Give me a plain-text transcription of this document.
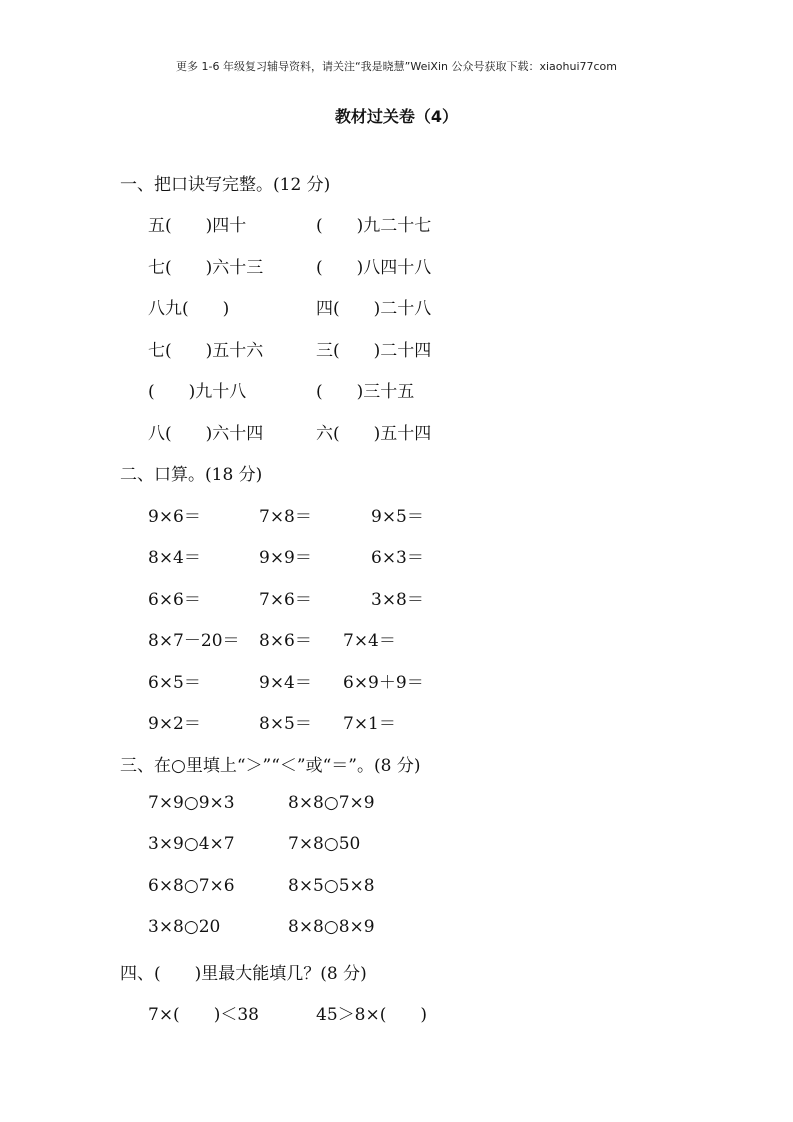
更多 1-6 年级复习辅导资料，请关注“我是晓慧”WeiXin 公众号获取下载：xiaohui77com
教材过关卷（4）
一、把口诀写完整。(12 分)
五(　　)四十	(　　)九二十七
七(　　)六十三	(　　)八四十八
八九(　　)	四(　　)二十八
七(　　)五十六	三(　　)二十四
(　　)九十八	(　　)三十五
八(　　)六十四	六(　　)五十四
二、口算。(18 分)
9×6＝	7×8＝	9×5＝
8×4＝	9×9＝	6×3＝
6×6＝	7×6＝	3×8＝
8×7－20＝ 8×6＝ 7×4＝
6×5＝	9×4＝ 6×9＋9＝
9×2＝	8×5＝ 7×1＝
三、在○里填上“＞”“＜”或“＝”。(8 分)
7×9○9×3	8×8○7×9
3×9○4×7	7×8○50
6×8○7×6	8×5○5×8
3×8○20	8×8○8×9
四、(　　)里最大能填几？(8 分)
7×(　　)＜38	45＞8×(　　)
